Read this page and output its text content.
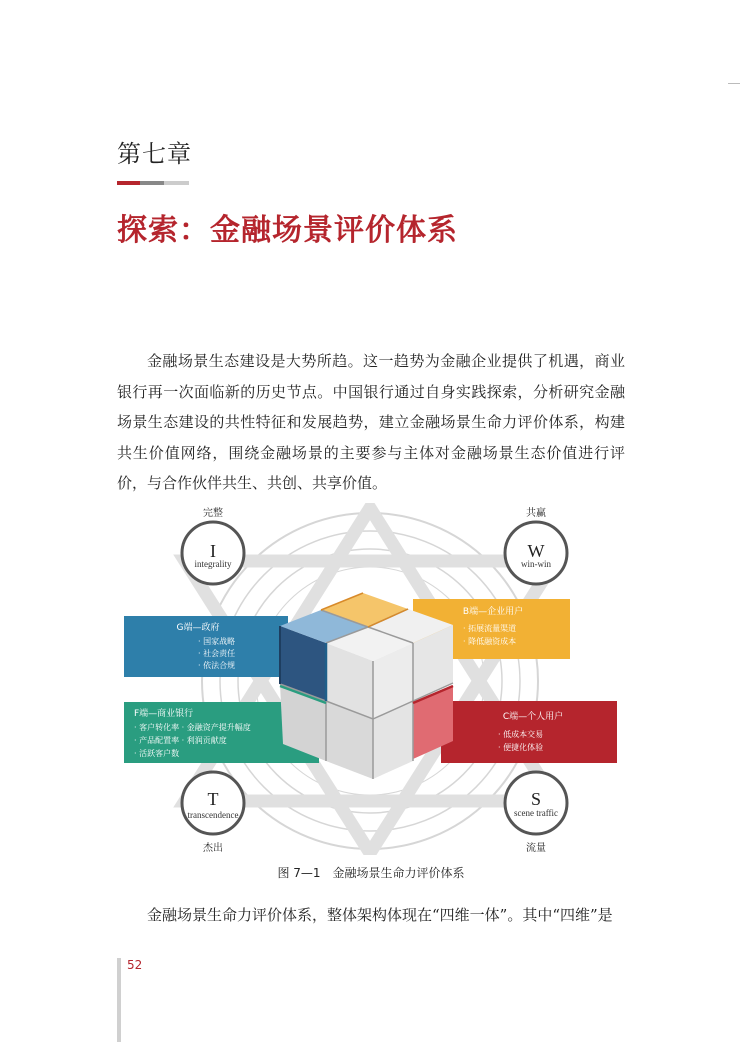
第七章
探索：金融场景评价体系

金融场景生态建设是大势所趋。这一趋势为金融企业提供了机遇，商业银行再一次面临新的历史节点。中国银行通过自身实践探索，分析研究金融场景生态建设的共性特征和发展趋势，建立金融场景生命力评价体系，构建共生价值网络，围绕金融场景的主要参与主体对金融场景生态价值进行评价，与合作伙伴共生、共创、共享价值。

完整
I
integrality
共赢
W
win-win
T
transcendence
杰出
S
scene traffic
流量
G端—政府
· 国家战略
· 社会责任
· 依法合规
B端—企业用户
· 拓展流量渠道
· 降低融资成本
F端—商业银行
· 客户转化率 · 金融资产提升幅度
· 产品配置率 · 利润贡献度
· 活跃客户数
C端—个人用户
· 低成本交易
· 便捷化体验
图 7—1 金融场景生命力评价体系

金融场景生命力评价体系，整体架构体现在“四维一体”。其中“四维”是

52
